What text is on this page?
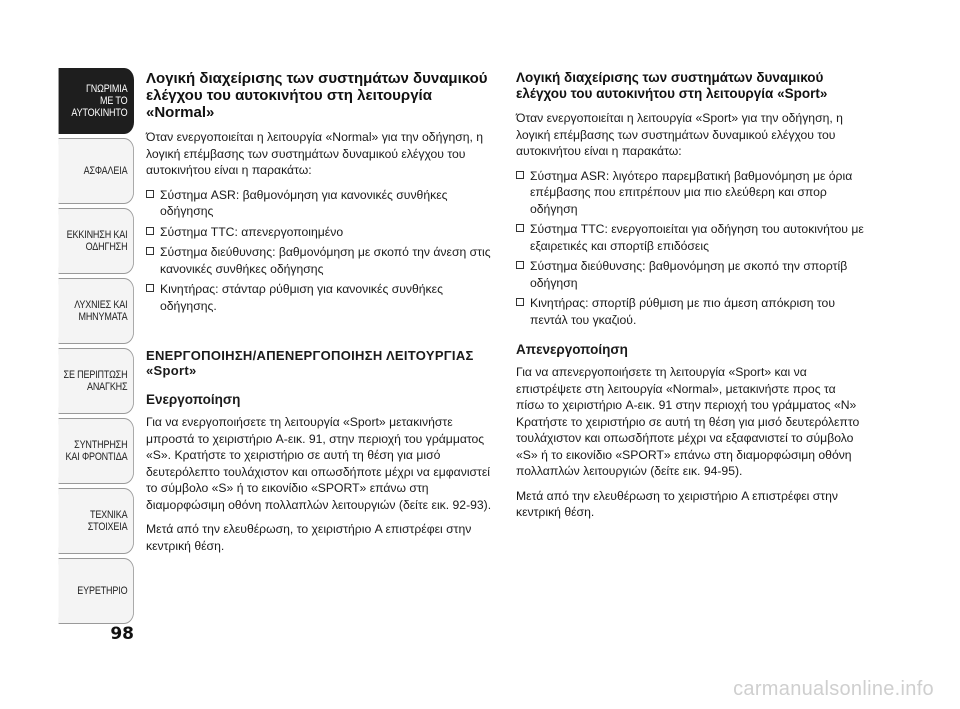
ΓΝΩΡΙΜΙΑ
ΜΕ ΤΟ
ΑΥΤΟΚΙΝΗΤΟ
ΑΣΦΑΛΕΙΑ
ΕΚΚΙΝΗΣΗ ΚΑΙ
ΟΔΗΓΗΣΗ
ΛΥΧΝΙΕΣ ΚΑΙ
ΜΗΝΥΜΑΤΑ
ΣΕ ΠΕΡΙΠΤΩΣΗ
ΑΝΑΓΚΗΣ
ΣΥΝΤΗΡΗΣΗ
ΚΑΙ ΦΡΟΝΤΙΔΑ
ΤΕΧΝΙΚΑ
ΣΤΟΙΧΕΙΑ
ΕΥΡΕΤΗΡΙΟ
98
Λογική διαχείρισης των συστημάτων δυναμικού ελέγχου του αυτοκινήτου στη λειτουργία «Normal»

Όταν ενεργοποιείται η λειτουργία «Normal» για την οδήγηση, η λογική επέμβασης των συστημάτων δυναμικού ελέγχου του αυτοκινήτου είναι η παρακάτω:

Σύστημα ASR: βαθμονόμηση για κανονικές συνθήκες οδήγησης
Σύστημα TTC: απενεργοποιημένο
Σύστημα διεύθυνσης: βαθμονόμηση με σκοπό την άνεση στις κανονικές συνθήκες οδήγησης
Κινητήρας: στάνταρ ρύθμιση για κανονικές συνθήκες οδήγησης.
ΕΝΕΡΓΟΠΟΙΗΣΗ/ΑΠΕΝΕΡΓΟΠΟΙΗΣΗ ΛΕΙΤΟΥΡΓΙΑΣ «Sport»
Ενεργοποίηση

Για να ενεργοποιήσετε τη λειτουργία «Sport» μετακινήστε μπροστά το χειριστήριο A-εικ. 91, στην περιοχή του γράμματος «S». Κρατήστε το χειριστήριο σε αυτή τη θέση για μισό δευτερόλεπτο τουλάχιστον και οπωσδήποτε μέχρι να εμφανιστεί το σύμβολο «S» ή το εικονίδιο «SPORT» επάνω στη διαμορφώσιμη οθόνη πολλαπλών λειτουργιών (δείτε εικ. 92-93).

Μετά από την ελευθέρωση, το χειριστήριο A επιστρέφει στην κεντρική θέση.

Λογική διαχείρισης των συστημάτων δυναμικού ελέγχου του αυτοκινήτου στη λειτουργία «Sport»

Όταν ενεργοποιείται η λειτουργία «Sport» για την οδήγηση, η λογική επέμβασης των συστημάτων δυναμικού ελέγχου του αυτοκινήτου είναι η παρακάτω:

Σύστημα ASR: λιγότερο παρεμβατική βαθμονόμηση με όρια επέμβασης που επιτρέπουν μια πιο ελεύθερη και σπορ οδήγηση
Σύστημα TTC: ενεργοποιείται για οδήγηση του αυτοκινήτου με εξαιρετικές και σπορτίβ επιδόσεις
Σύστημα διεύθυνσης: βαθμονόμηση με σκοπό την σπορτίβ οδήγηση
Κινητήρας: σπορτίβ ρύθμιση με πιο άμεση απόκριση του πεντάλ του γκαζιού.
Απενεργοποίηση

Για να απενεργοποιήσετε τη λειτουργία «Sport» και να επιστρέψετε στη λειτουργία «Normal», μετακινήστε προς τα πίσω το χειριστήριο A-εικ. 91 στην περιοχή του γράμματος «N» Κρατήστε το χειριστήριο σε αυτή τη θέση για μισό δευτερόλεπτο τουλάχιστον και οπωσδήποτε μέχρι να εξαφανιστεί το σύμβολο «S» ή το εικονίδιο «SPORT» επάνω στη διαμορφώσιμη οθόνη πολλαπλών λειτουργιών (δείτε εικ. 94-95).

Μετά από την ελευθέρωση το χειριστήριο A επιστρέφει στην κεντρική θέση.

carmanualsonline.info
